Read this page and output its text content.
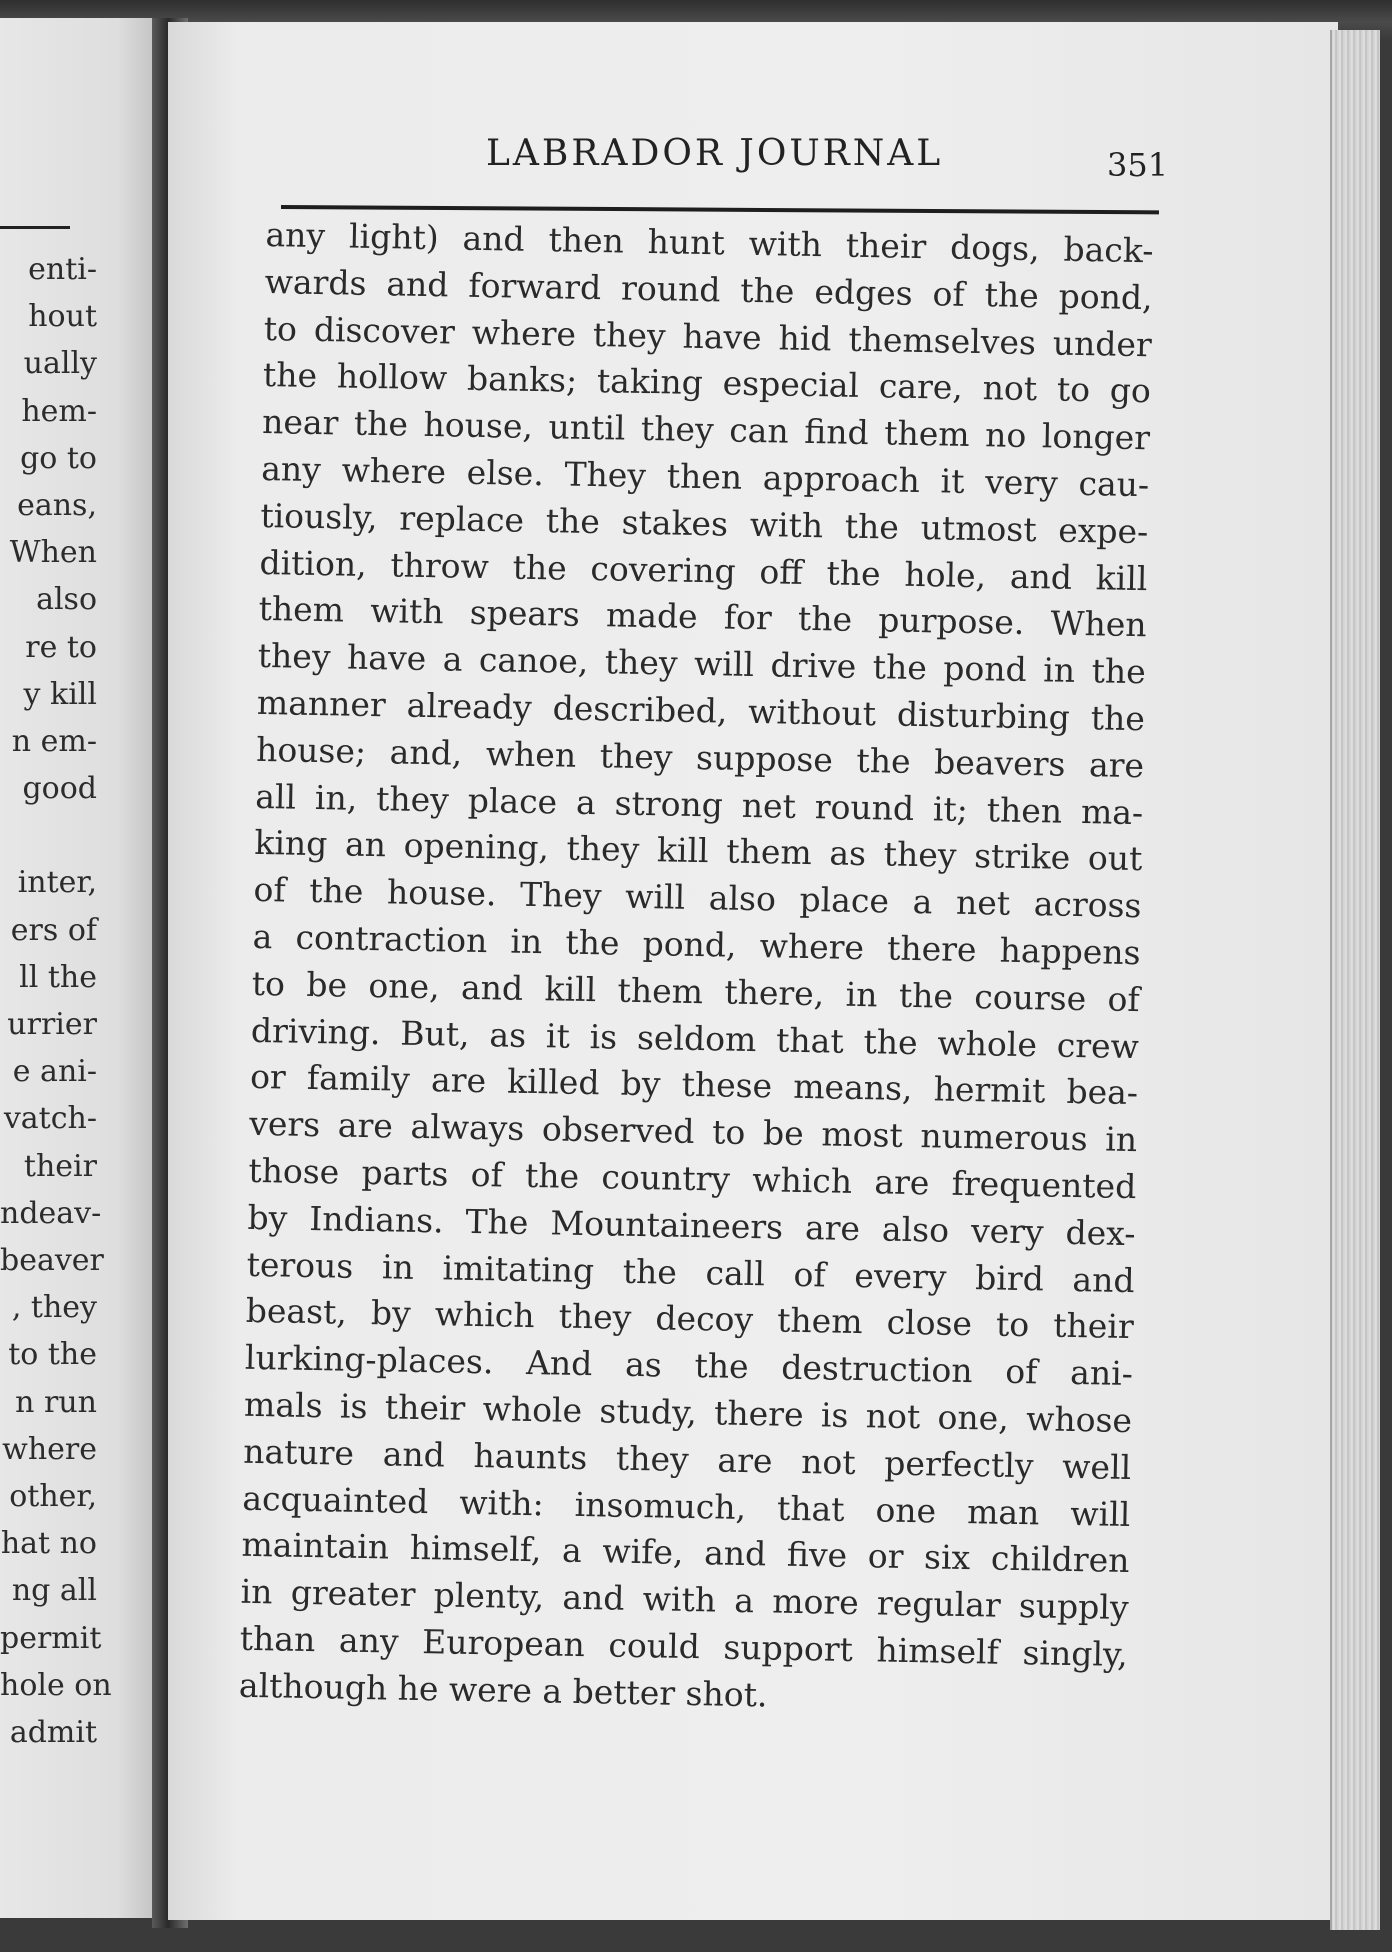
enti-
hout
ually
hem-
go to
eans,
When
also
re to
y kill
n em-
good
inter,
ers of
ll the
urrier
e ani-
vatch-
their
ndeav-
beaver
, they
to the
n run
where
other,
hat no
ng all
permit
hole on
admit
LABRADOR JOURNAL	351
any light) and then hunt with their dogs, back-
wards and forward round the edges of the pond,
to discover where they have hid themselves under
the hollow banks; taking especial care, not to go
near the house, until they can find them no longer
any where else. They then approach it very cau-
tiously, replace the stakes with the utmost expe-
dition, throw the covering off the hole, and kill
them with spears made for the purpose. When
they have a canoe, they will drive the pond in the
manner already described, without disturbing the
house; and, when they suppose the beavers are
all in, they place a strong net round it; then ma-
king an opening, they kill them as they strike out
of the house. They will also place a net across
a contraction in the pond, where there happens
to be one, and kill them there, in the course of
driving. But, as it is seldom that the whole crew
or family are killed by these means, hermit bea-
vers are always observed to be most numerous in
those parts of the country which are frequented
by Indians. The Mountaineers are also very dex-
terous in imitating the call of every bird and
beast, by which they decoy them close to their
lurking-places. And as the destruction of ani-
mals is their whole study, there is not one, whose
nature and haunts they are not perfectly well
acquainted with: insomuch, that one man will
maintain himself, a wife, and five or six children
in greater plenty, and with a more regular supply
than any European could support himself singly,
although he were a better shot.
